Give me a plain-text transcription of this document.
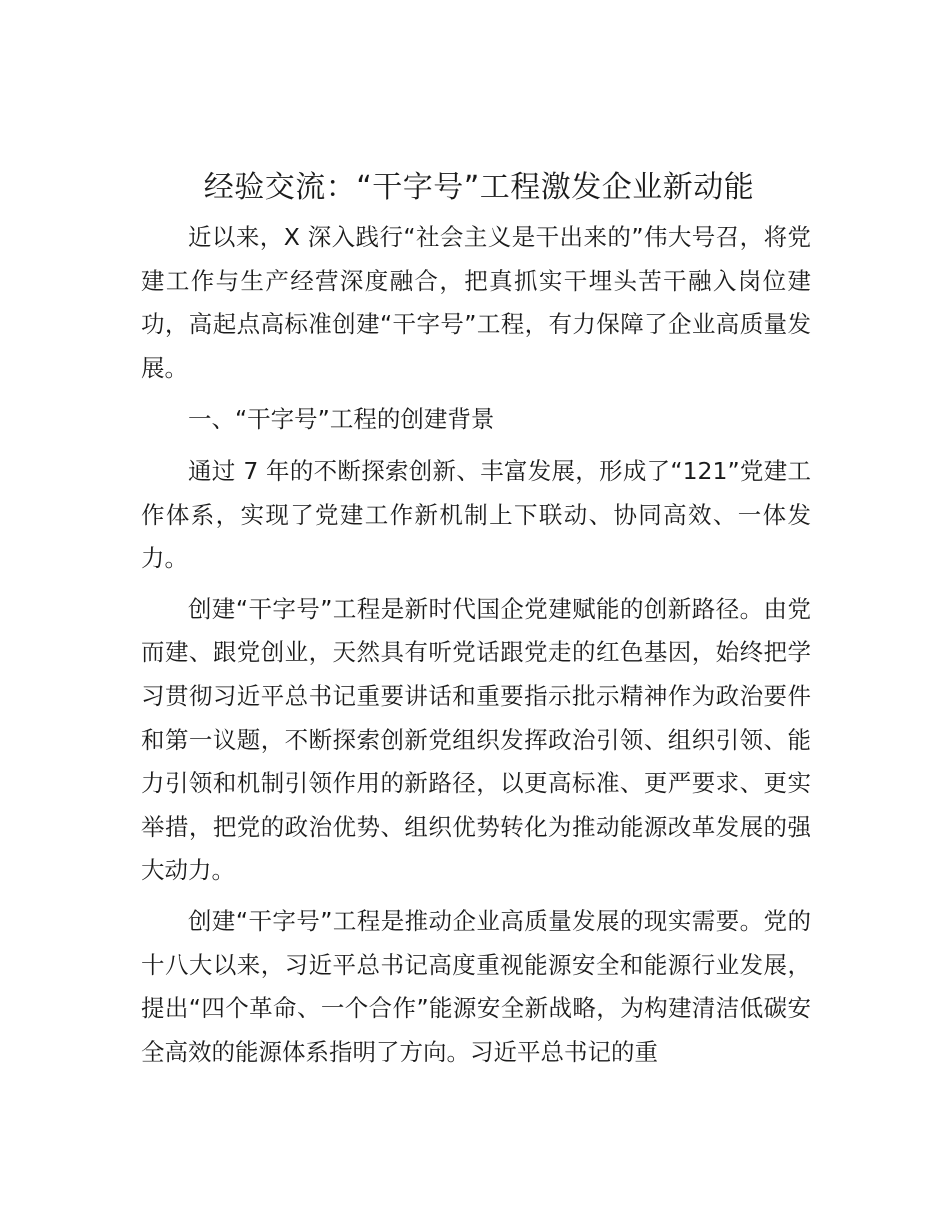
经验交流：“干字号”工程激发企业新动能

近以来，X 深入践行“社会主义是干出来的”伟大号召，将党建工作与生产经营深度融合，把真抓实干埋头苦干融入岗位建功，高起点高标准创建“干字号”工程，有力保障了企业高质量发展。

一、“干字号”工程的创建背景

通过 7 年的不断探索创新、丰富发展，形成了“121”党建工作体系，实现了党建工作新机制上下联动、协同高效、一体发力。

创建“干字号”工程是新时代国企党建赋能的创新路径。由党而建、跟党创业，天然具有听党话跟党走的红色基因，始终把学习贯彻习近平总书记重要讲话和重要指示批示精神作为政治要件和第一议题，不断探索创新党组织发挥政治引领、组织引领、能力引领和机制引领作用的新路径，以更高标准、更严要求、更实举措，把党的政治优势、组织优势转化为推动能源改革发展的强大动力。

创建“干字号”工程是推动企业高质量发展的现实需要。党的十八大以来，习近平总书记高度重视能源安全和能源行业发展，提出“四个革命、一个合作”能源安全新战略，为构建清洁低碳安全高效的能源体系指明了方向。习近平总书记的重
